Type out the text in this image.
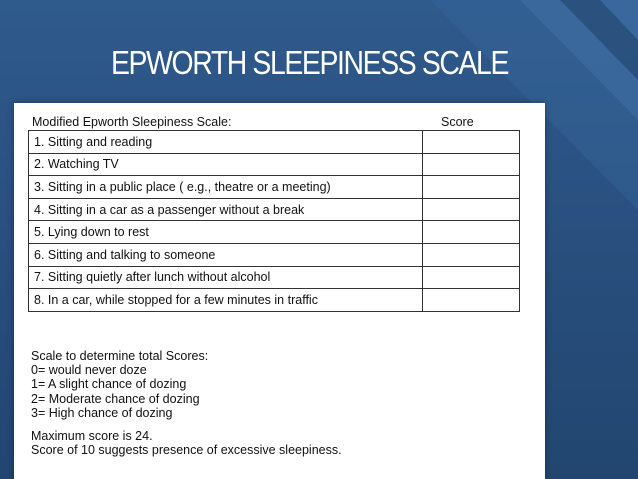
EPWORTH SLEEPINESS SCALE
Modified Epworth Sleepiness Scale:	Score
1. Sitting and reading	
2. Watching TV	
3. Sitting in a public place ( e.g., theatre or a meeting)	
4. Sitting in a car as a passenger without a break	
5. Lying down to rest	
6. Sitting and talking to someone	
7. Sitting quietly after lunch without alcohol	
8. In a car, while stopped for a few minutes in traffic	
Scale to determine total Scores:
0= would never doze
1= A slight chance of dozing
2= Moderate chance of dozing
3= High chance of dozing
Maximum score is 24.
Score of 10 suggests presence of excessive sleepiness.
